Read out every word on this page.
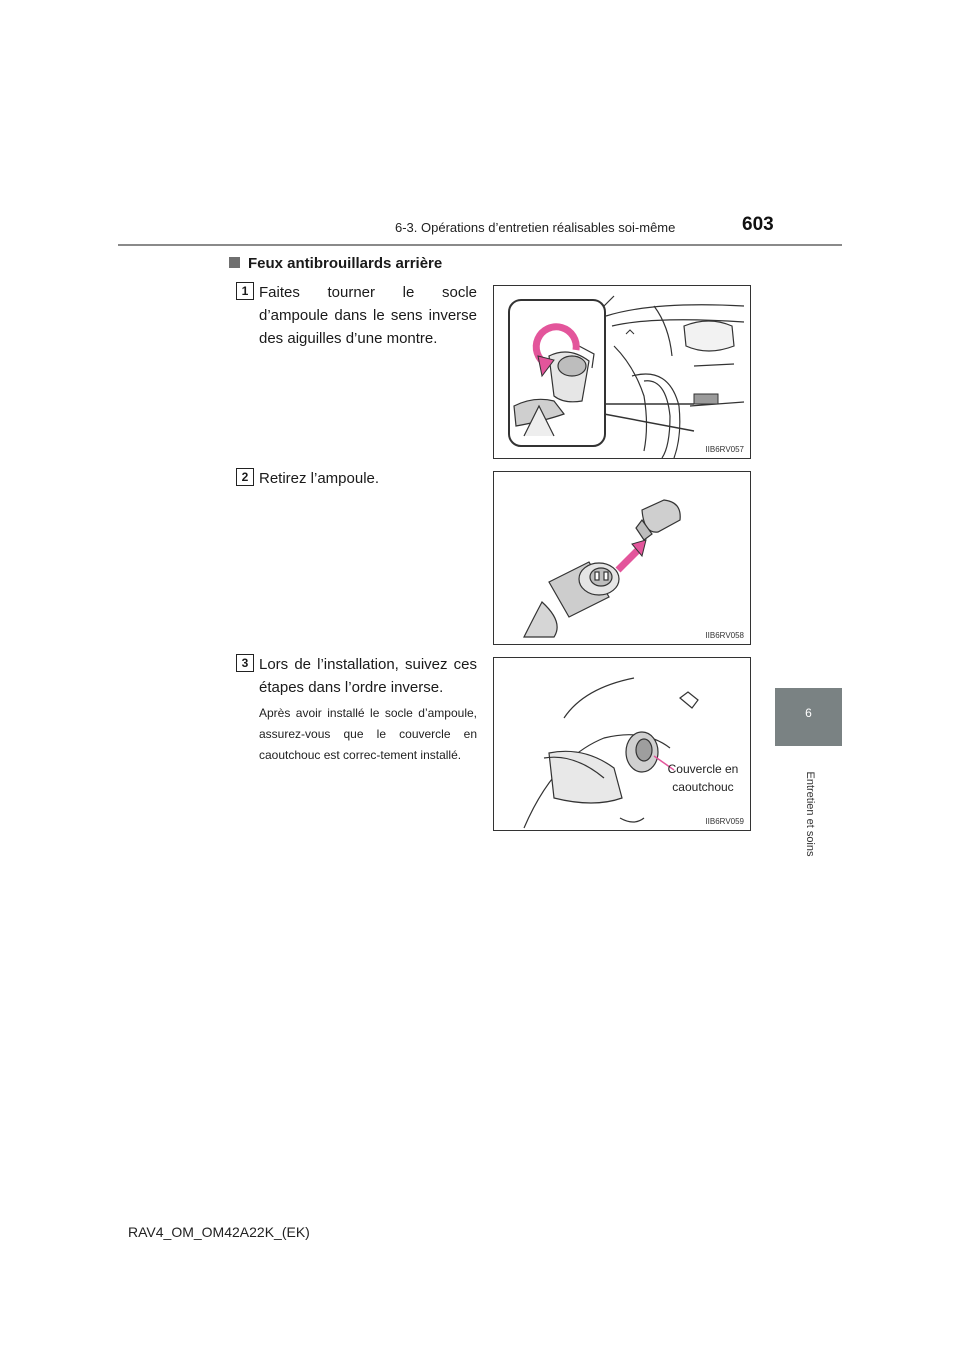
6-3. Opérations d’entretien réalisables soi-même	603
6
Entretien et soins
Feux antibrouillards arrière
1 Faites tourner le socle d’ampoule dans le sens inverse des aiguilles d’une montre.
IIB6RV057
2 Retirez l’ampoule.
IIB6RV058
3 Lors de l’installation, suivez ces étapes dans l’ordre inverse.
Après avoir installé le socle d’ampoule, assurez-vous que le couvercle en caoutchouc est correc-tement installé.
Couvercle en caoutchouc
IIB6RV059
RAV4_OM_OM42A22K_(EK)
